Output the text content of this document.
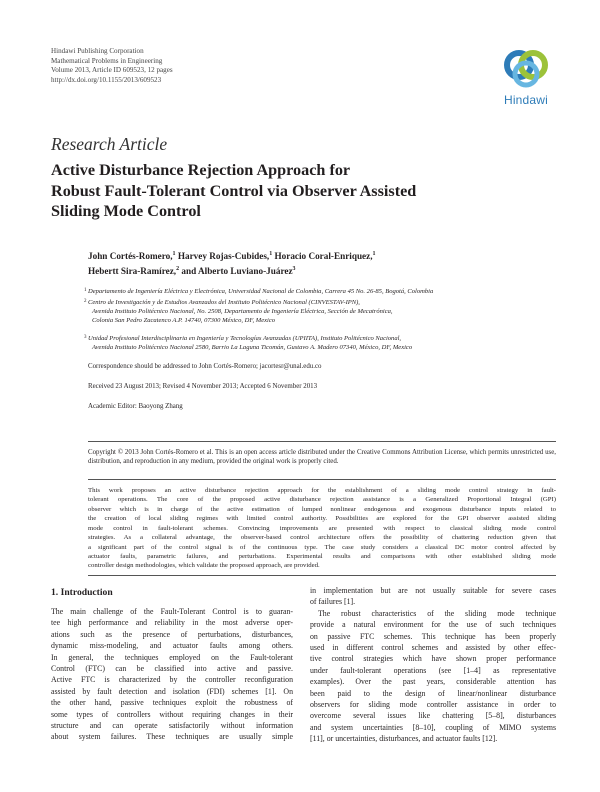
Hindawi Publishing Corporation
Mathematical Problems in Engineering
Volume 2013, Article ID 609523, 12 pages
http://dx.doi.org/10.1155/2013/609523
Hindawi
Research Article
Active Disturbance Rejection Approach for
Robust Fault-Tolerant Control via Observer Assisted
Sliding Mode Control
John Cortés-Romero,$^1$ Harvey Rojas-Cubides,$^1$ Horacio Coral-Enriquez,$^1$
Hebertt Sira-Ramírez,$^2$ and Alberto Luviano-Juárez$^3$
1 Departamento de Ingeniería Eléctrica y Electrónica, Universidad Nacional de Colombia, Carrera 45 No. 26-85, Bogotá, Colombia
2 Centro de Investigación y de Estudios Avanzados del Instituto Politécnico Nacional (CINVESTAV-IPN),
Avenida Instituto Politécnico Nacional, No. 2508, Departamento de Ingeniería Eléctrica, Sección de Mecatrónica,
Colonia San Pedro Zacatenco A.P. 14740, 07300 México, DF, Mexico
3 Unidad Profesional Interdisciplinaria en Ingeniería y Tecnologías Avanzadas (UPIITA), Instituto Politécnico Nacional,
Avenida Instituto Politécnico Nacional 2580, Barrio La Laguna Ticomán, Gustavo A. Madero 07340, México, DF, Mexico
Correspondence should be addressed to John Cortés-Romero; jacortesr@unal.edu.co
Received 23 August 2013; Revised 4 November 2013; Accepted 6 November 2013
Academic Editor: Baoyong Zhang
Copyright © 2013 John Cortés-Romero et al. This is an open access article distributed under the Creative Commons Attribution License, which permits unrestricted use, distribution, and reproduction in any medium, provided the original work is properly cited.
This work proposes an active disturbance rejection approach for the establishment of a sliding mode control strategy in fault-
tolerant operations. The core of the proposed active disturbance rejection assistance is a Generalized Proportional Integral (GPI)
observer which is in charge of the active estimation of lumped nonlinear endogenous and exogenous disturbance inputs related to
the creation of local sliding regimes with limited control authority. Possibilities are explored for the GPI observer assisted sliding
mode control in fault-tolerant schemes. Convincing improvements are presented with respect to classical sliding mode control
strategies. As a collateral advantage, the observer-based control architecture offers the possibility of chattering reduction given that
a significant part of the control signal is of the continuous type. The case study considers a classical DC motor control affected by
actuator faults, parametric failures, and perturbations. Experimental results and comparisons with other established sliding mode
controller design methodologies, which validate the proposed approach, are provided.
1. Introduction
The main challenge of the Fault-Tolerant Control is to guaran-
tee high performance and reliability in the most adverse oper-
ations such as the presence of perturbations, disturbances,
dynamic miss-modeling, and actuator faults among others.
In general, the techniques employed on the Fault-tolerant
Control (FTC) can be classified into active and passive.
Active FTC is characterized by the controller reconfiguration
assisted by fault detection and isolation (FDI) schemes [1]. On
the other hand, passive techniques exploit the robustness of
some types of controllers without requiring changes in their
structure and can operate satisfactorily without information
about system failures. These techniques are usually simple
in implementation but are not usually suitable for severe cases
of failures [1].
The robust characteristics of the sliding mode technique
provide a natural environment for the use of such techniques
on passive FTC schemes. This technique has been properly
used in different control schemes and assisted by other effec-
tive control strategies which have shown proper performance
under fault-tolerant operations (see [1–4] as representative
examples). Over the past years, considerable attention has
been paid to the design of linear/nonlinear disturbance
observers for sliding mode controller assistance in order to
overcome several issues like chattering [5–8], disturbances
and system uncertainties [8–10], coupling of MIMO systems
[11], or uncertainties, disturbances, and actuator faults [12].
